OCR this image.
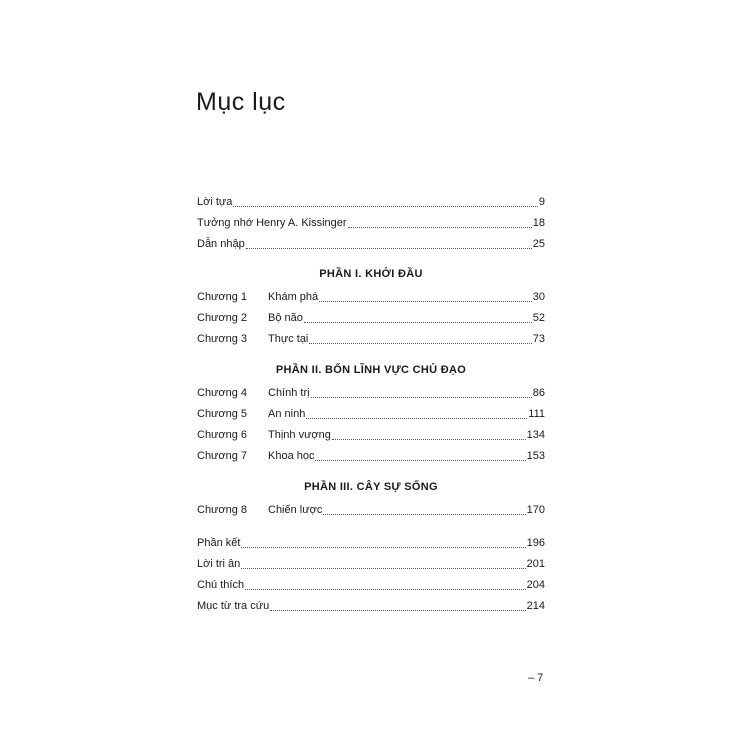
Mục lục
Lời tựa	9
Tưởng nhớ Henry A. Kissinger	18
Dẫn nhập	25
PHẦN I. KHỞI ĐẦU
Chương 1	Khám phá	30
Chương 2	Bộ não	52
Chương 3	Thực tại	73
PHẦN II. BỐN LĨNH VỰC CHỦ ĐẠO
Chương 4	Chính trị	86
Chương 5	An ninh	111
Chương 6	Thịnh vượng	134
Chương 7	Khoa học	153
PHẦN III. CÂY SỰ SỐNG
Chương 8	Chiến lược	170
Phần kết	196
Lời tri ân	201
Chú thích	204
Mục từ tra cứu	214
– 7
